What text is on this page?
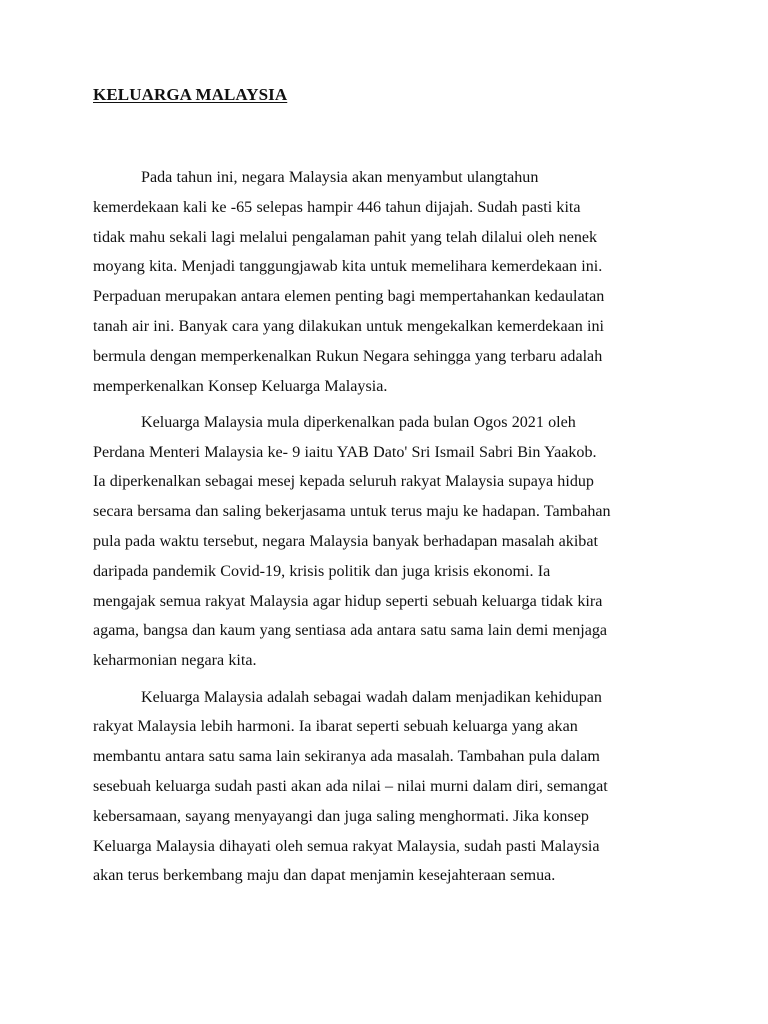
KELUARGA MALAYSIA

Pada tahun ini, negara Malaysia akan menyambut ulangtahun
kemerdekaan kali ke -65 selepas hampir 446 tahun dijajah. Sudah pasti kita
tidak mahu sekali lagi melalui pengalaman pahit yang telah dilalui oleh nenek
moyang kita. Menjadi tanggungjawab kita untuk memelihara kemerdekaan ini.
Perpaduan merupakan antara elemen penting bagi mempertahankan kedaulatan
tanah air ini. Banyak cara yang dilakukan untuk mengekalkan kemerdekaan ini
bermula dengan memperkenalkan Rukun Negara sehingga yang terbaru adalah
memperkenalkan Konsep Keluarga Malaysia.

Keluarga Malaysia mula diperkenalkan pada bulan Ogos 2021 oleh
Perdana Menteri Malaysia ke- 9 iaitu YAB Dato' Sri Ismail Sabri Bin Yaakob.
Ia diperkenalkan sebagai mesej kepada seluruh rakyat Malaysia supaya hidup
secara bersama dan saling bekerjasama untuk terus maju ke hadapan. Tambahan
pula pada waktu tersebut, negara Malaysia banyak berhadapan masalah akibat
daripada pandemik Covid-19, krisis politik dan juga krisis ekonomi. Ia
mengajak semua rakyat Malaysia agar hidup seperti sebuah keluarga tidak kira
agama, bangsa dan kaum yang sentiasa ada antara satu sama lain demi menjaga
keharmonian negara kita.

Keluarga Malaysia adalah sebagai wadah dalam menjadikan kehidupan
rakyat Malaysia lebih harmoni. Ia ibarat seperti sebuah keluarga yang akan
membantu antara satu sama lain sekiranya ada masalah. Tambahan pula dalam
sesebuah keluarga sudah pasti akan ada nilai – nilai murni dalam diri, semangat
kebersamaan, sayang menyayangi dan juga saling menghormati. Jika konsep
Keluarga Malaysia dihayati oleh semua rakyat Malaysia, sudah pasti Malaysia
akan terus berkembang maju dan dapat menjamin kesejahteraan semua.
